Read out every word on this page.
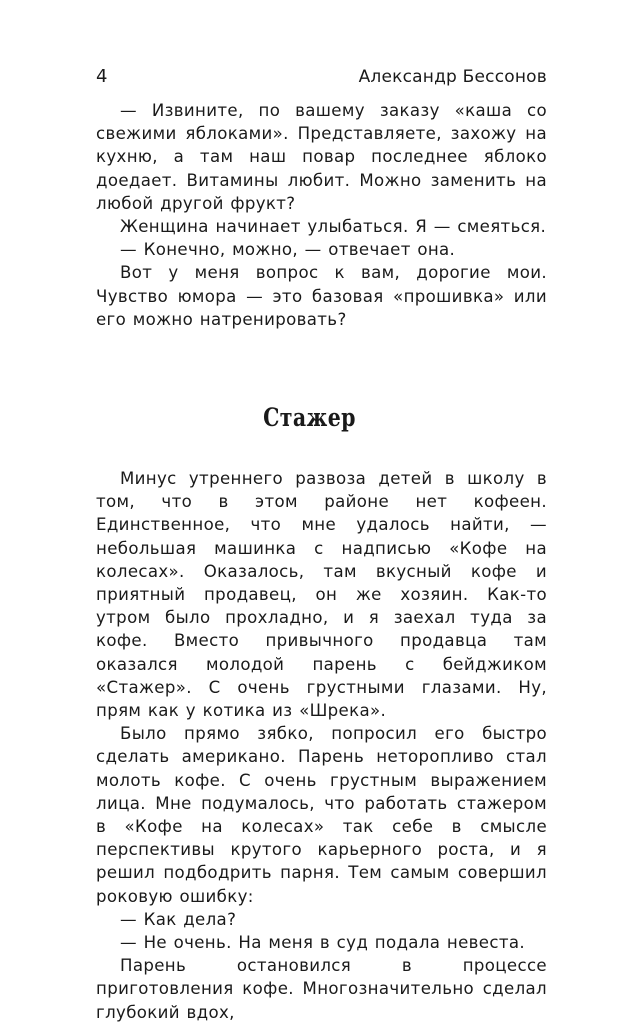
4	Александр Бессонов

— Извините, по вашему заказу «каша со свежими яблоками». Представляете, захожу на кухню, а там наш повар последнее яблоко доедает. Витамины любит. Можно заменить на любой другой фрукт?

Женщина начинает улыбаться. Я — смеяться.

— Конечно, можно, — отвечает она.

Вот у меня вопрос к вам, дорогие мои. Чувство юмора — это базовая «прошивка» или его можно натренировать?

Стажер

Минус утреннего развоза детей в школу в том, что в этом районе нет кофеен. Единственное, что мне удалось найти, — небольшая машинка с надписью «Кофе на колесах». Оказалось, там вкусный кофе и приятный продавец, он же хозяин. Как-то утром было прохладно, и я заехал туда за кофе. Вместо привычного продавца там оказался молодой парень с бейджиком «Стажер». С очень грустными глазами. Ну, прям как у котика из «Шрека».

Было прямо зябко, попросил его быстро сделать американо. Парень неторопливо стал молоть кофе. С очень грустным выражением лица. Мне подумалось, что работать стажером в «Кофе на колесах» так себе в смысле перспективы крутого карьерного роста, и я решил подбодрить парня. Тем самым совершил роковую ошибку:

— Как дела?

— Не очень. На меня в суд подала невеста.

Парень остановился в процессе приготовления кофе. Многозначительно сделал глубокий вдох,
